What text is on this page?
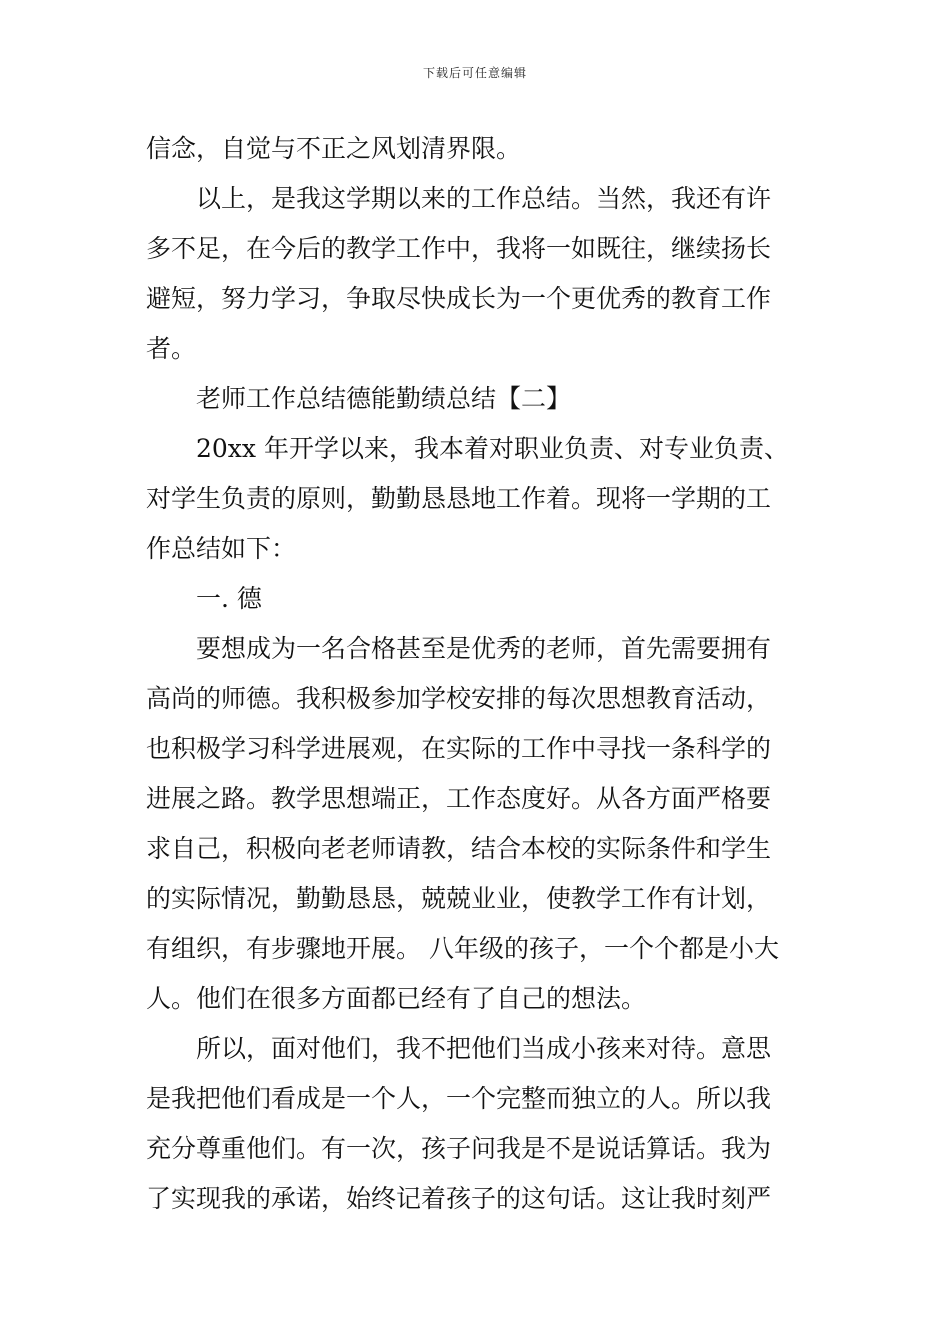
下载后可任意编辑
信念，自觉与不正之风划清界限。
以上，是我这学期以来的工作总结。当然，我还有许
多不足，在今后的教学工作中，我将一如既往，继续扬长
避短，努力学习，争取尽快成长为一个更优秀的教育工作
者。
老师工作总结德能勤绩总结【二】
20xx 年开学以来，我本着对职业负责、对专业负责、
对学生负责的原则，勤勤恳恳地工作着。现将一学期的工
作总结如下：
一. 德
要想成为一名合格甚至是优秀的老师，首先需要拥有
高尚的师德。我积极参加学校安排的每次思想教育活动，
也积极学习科学进展观，在实际的工作中寻找一条科学的
进展之路。教学思想端正，工作态度好。从各方面严格要
求自己，积极向老老师请教，结合本校的实际条件和学生
的实际情况，勤勤恳恳，兢兢业业，使教学工作有计划，
有组织，有步骤地开展。 八年级的孩子，一个个都是小大
人。他们在很多方面都已经有了自己的想法。
所以，面对他们，我不把他们当成小孩来对待。意思
是我把他们看成是一个人，一个完整而独立的人。所以我
充分尊重他们。有一次，孩子问我是不是说话算话。我为
了实现我的承诺，始终记着孩子的这句话。这让我时刻严
